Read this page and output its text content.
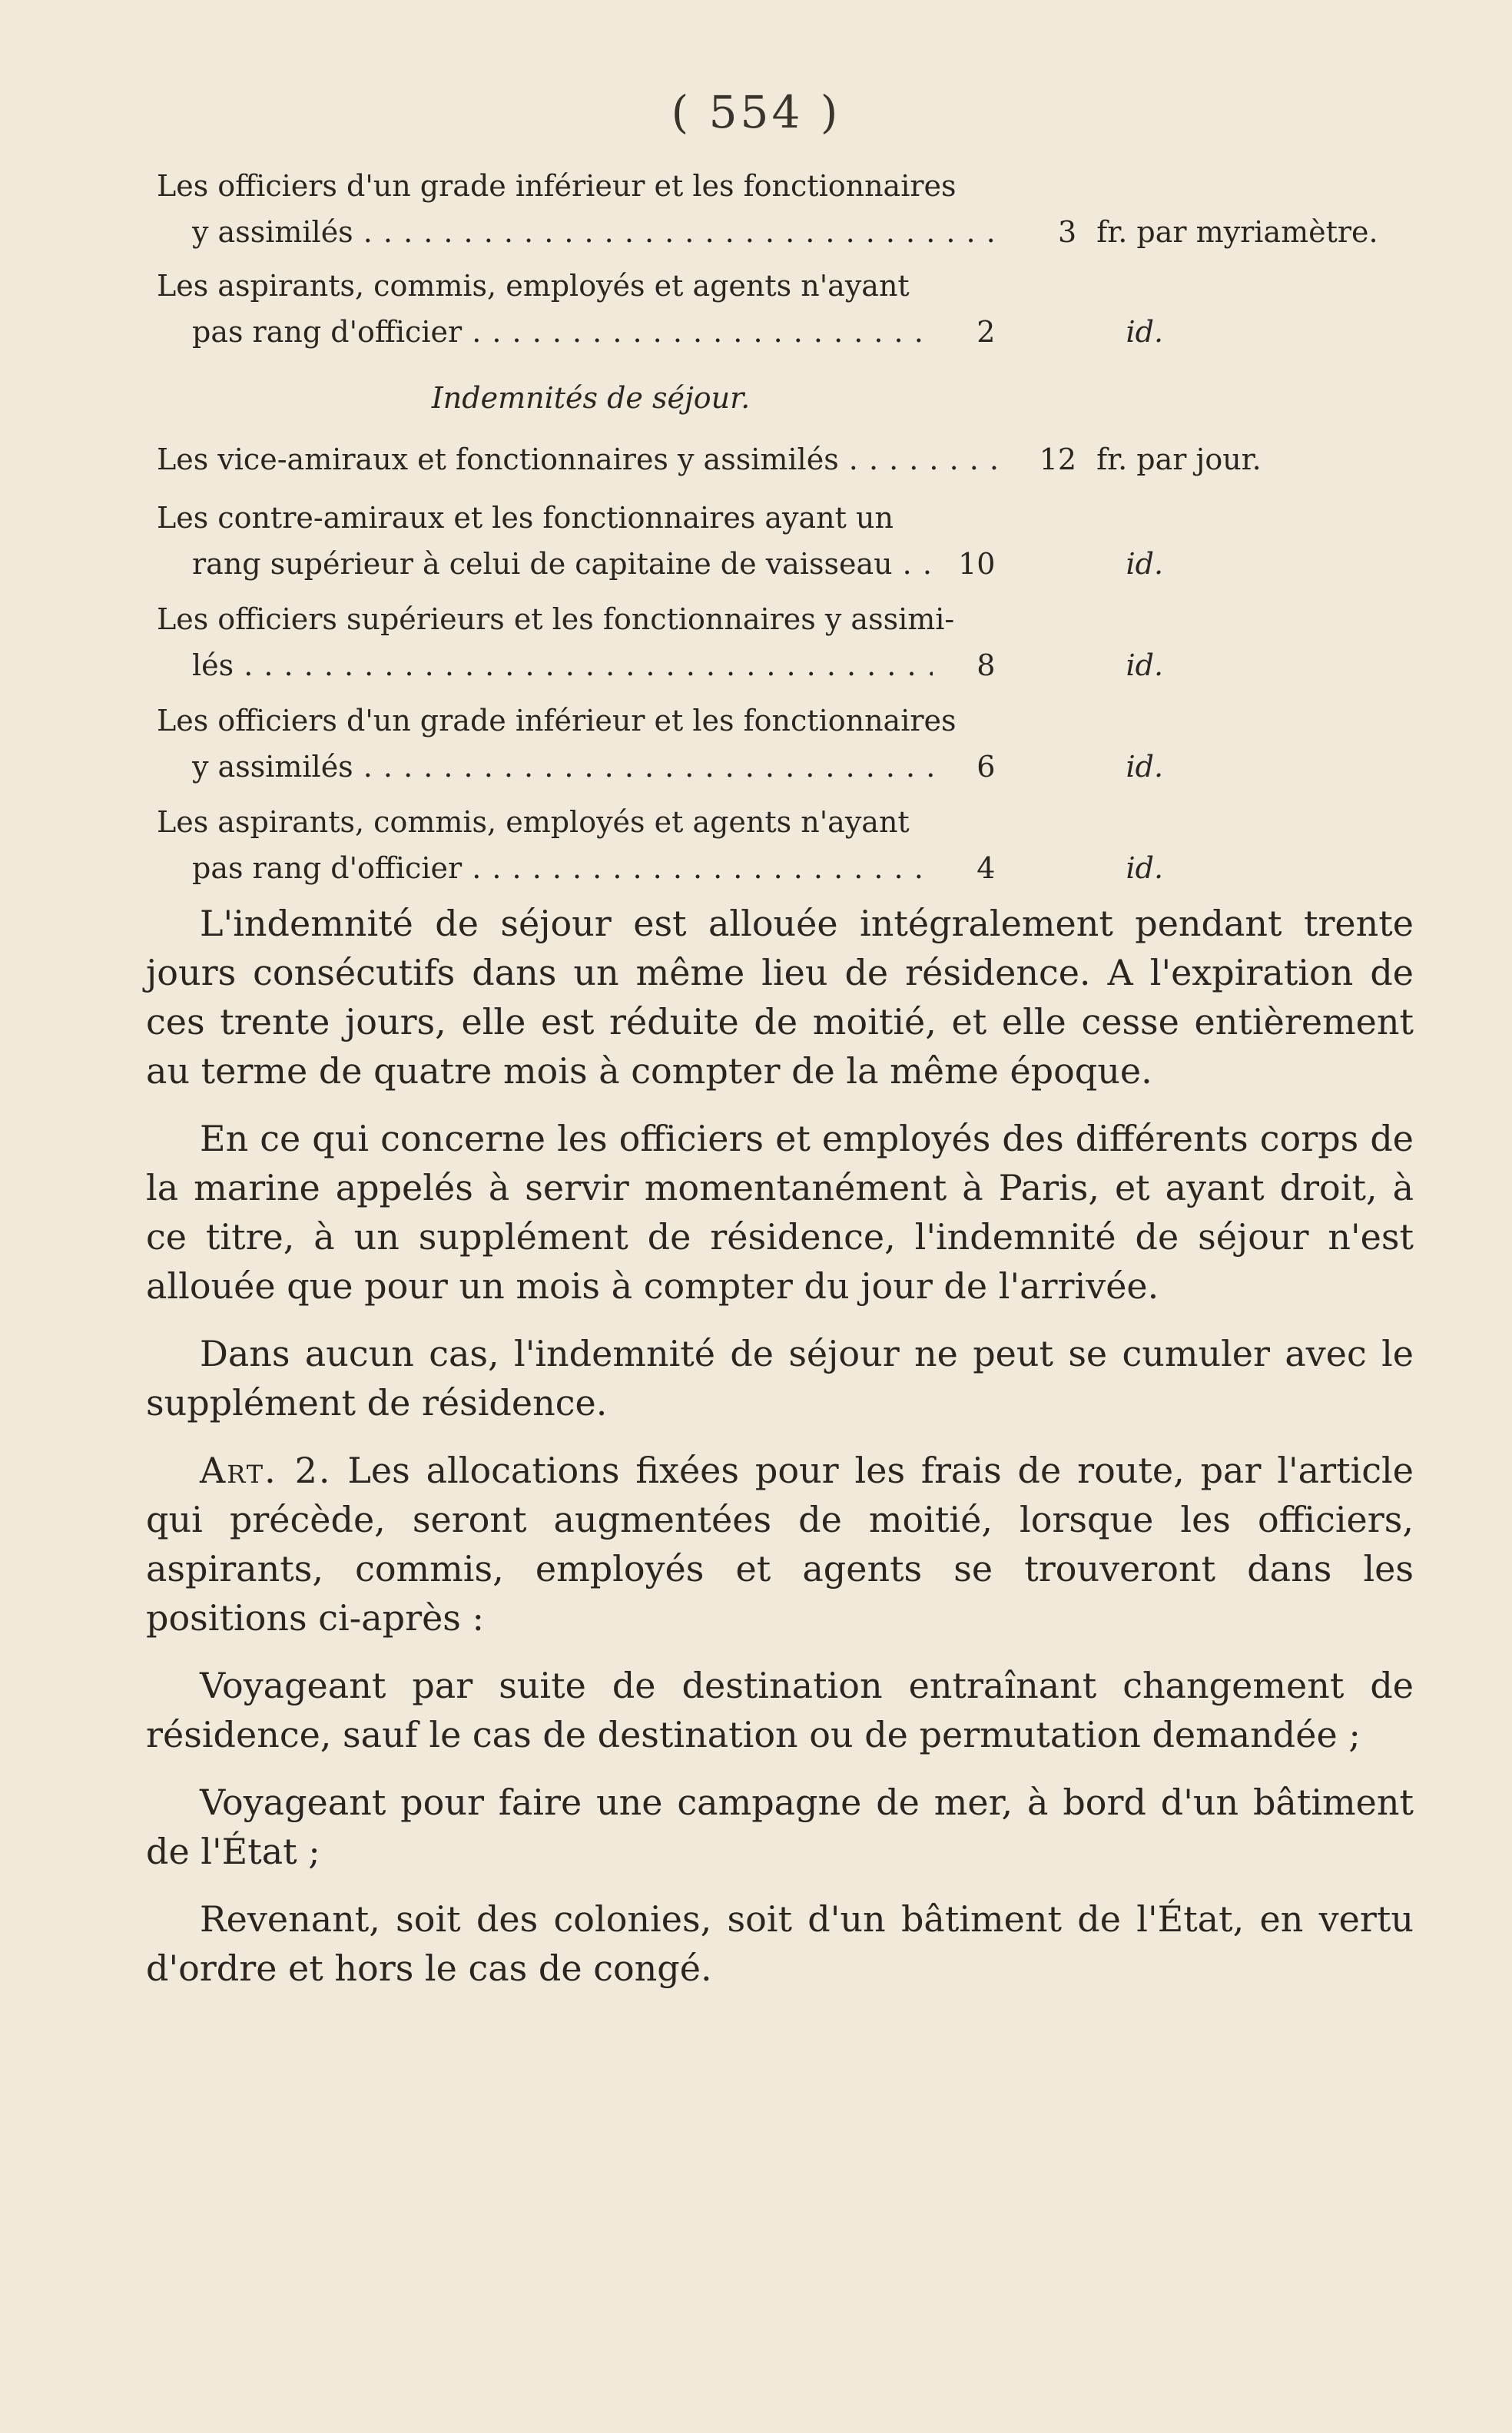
( 554 )
Les officiers d'un grade inférieur et les fonctionnaires
y assimilés . . .	3 fr. par myriamètre.
Les aspirants, commis, employés et agents n'ayant
pas rang d'officier . . .	2	id.
Indemnités de séjour.
Les vice-amiraux et fonctionnaires y assimilés . . .	12 fr. par jour.
Les contre-amiraux et les fonctionnaires ayant un
rang supérieur à celui de capitaine de vaisseau . . .	10	id.
Les officiers supérieurs et les fonctionnaires y assimi-
lés . . .	8	id.
Les officiers d'un grade inférieur et les fonctionnaires
y assimilés . . .	6	id.
Les aspirants, commis, employés et agents n'ayant
pas rang d'officier . . .	4	id.

L'indemnité de séjour est allouée intégralement pendant trente jours consécutifs dans un même lieu de résidence. A l'expiration de ces trente jours, elle est réduite de moitié, et elle cesse entièrement au terme de quatre mois à compter de la même époque.

En ce qui concerne les officiers et employés des différents corps de la marine appelés à servir momentanément à Paris, et ayant droit, à ce titre, à un supplément de résidence, l'indemnité de séjour n'est allouée que pour un mois à compter du jour de l'arrivée.

Dans aucun cas, l'indemnité de séjour ne peut se cumuler avec le supplément de résidence.

Art. 2. Les allocations fixées pour les frais de route, par l'article qui précède, seront augmentées de moitié, lorsque les officiers, aspirants, commis, employés et agents se trouveront dans les positions ci-après :

Voyageant par suite de destination entraînant changement de résidence, sauf le cas de destination ou de permutation demandée ;

Voyageant pour faire une campagne de mer, à bord d'un bâtiment de l'État ;

Revenant, soit des colonies, soit d'un bâtiment de l'État, en vertu d'ordre et hors le cas de congé.
